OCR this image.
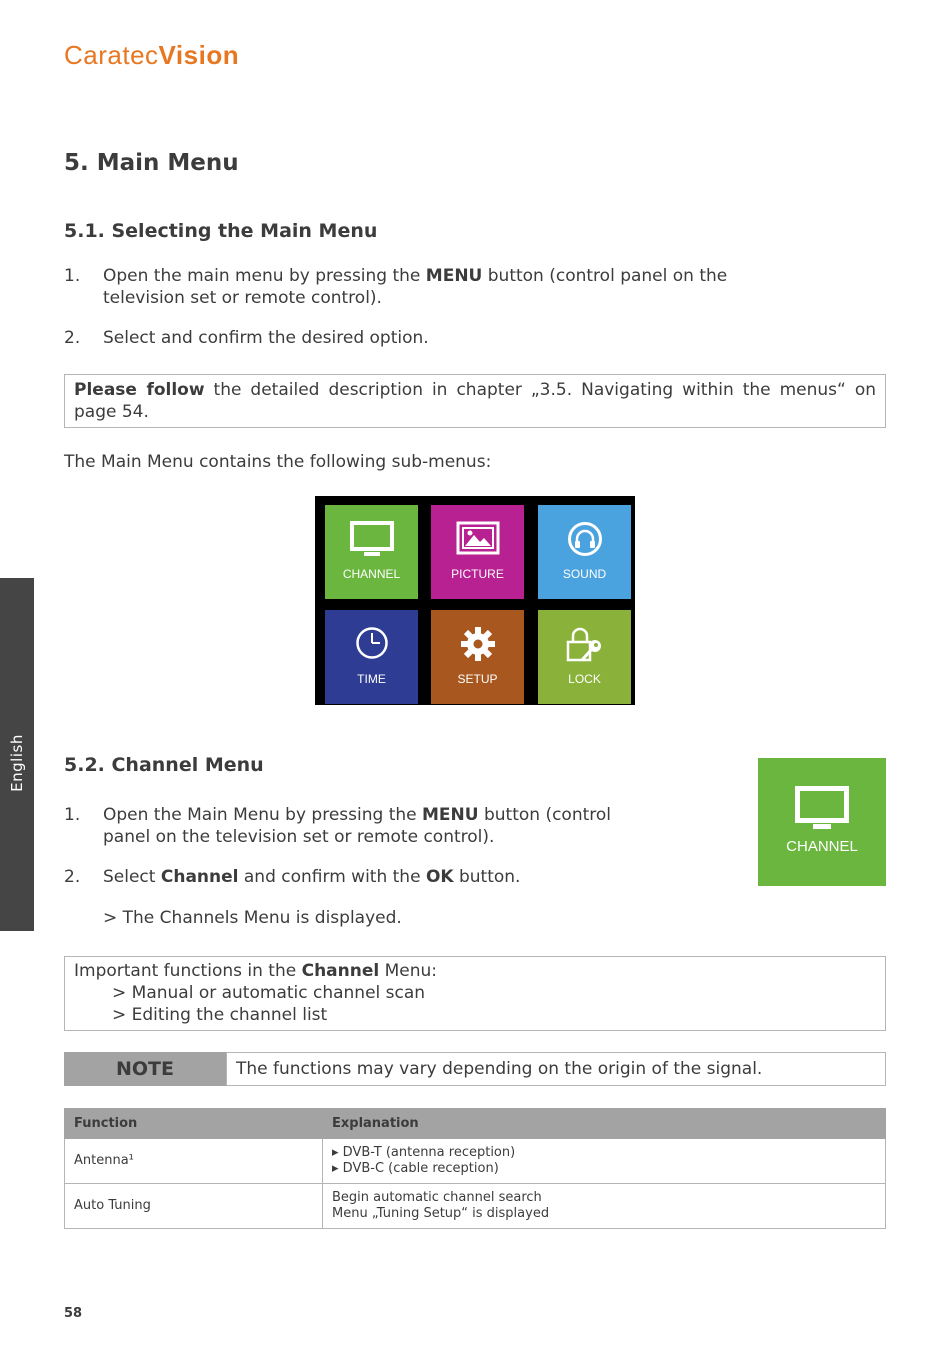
CaratecVision
English
5. Main Menu
5.1. Selecting the Main Menu
1. Open the main menu by pressing the MENU button (control panel on the
television set or remote control).
2. Select and confirm the desired option.
Please follow the detailed description in chapter „3.5. Navigating within the menus“ on page 54.
The Main Menu contains the following sub-menus:
CHANNEL	PICTURE	SOUND
TIME	SETUP	LOCK
5.2. Channel Menu
CHANNEL
1. Open the Main Menu by pressing the MENU button (control
panel on the television set or remote control).
2. Select Channel and confirm with the OK button.
> The Channels Menu is displayed.
Important functions in the Channel Menu:
> Manual or automatic channel scan
> Editing the channel list
NOTE	The functions may vary depending on the origin of the signal.
Function	Explanation
Antenna¹	▸ DVB-T (antenna reception)
▸ DVB-C (cable reception)

Auto Tuning	Begin automatic channel search
Menu „Tuning Setup“ is displayed
58
